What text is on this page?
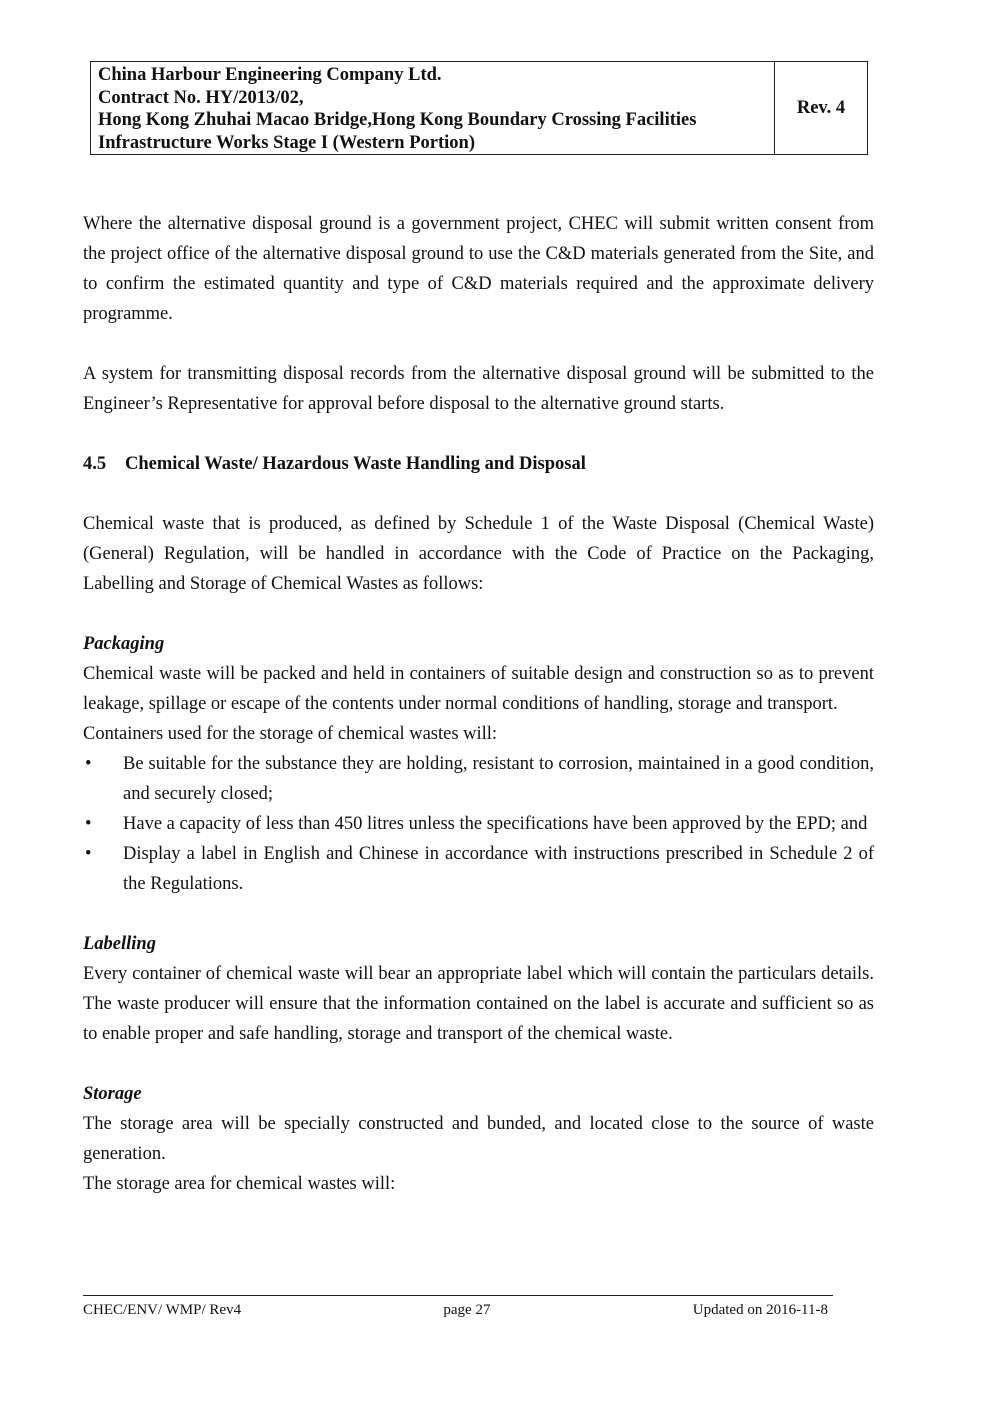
China Harbour Engineering Company Ltd.
Contract No. HY/2013/02,
Hong Kong Zhuhai Macao Bridge,Hong Kong Boundary Crossing Facilities
Infrastructure Works Stage I (Western Portion)
Rev. 4

Where the alternative disposal ground is a government project, CHEC will submit written consent from the project office of the alternative disposal ground to use the C&D materials generated from the Site, and to confirm the estimated quantity and type of C&D materials required and the approximate delivery programme.

A system for transmitting disposal records from the alternative disposal ground will be submitted to the Engineer’s Representative for approval before disposal to the alternative ground starts.

4.5 Chemical Waste/ Hazardous Waste Handling and Disposal

Chemical waste that is produced, as defined by Schedule 1 of the Waste Disposal (Chemical Waste) (General) Regulation, will be handled in accordance with the Code of Practice on the Packaging, Labelling and Storage of Chemical Wastes as follows:

Packaging

Chemical waste will be packed and held in containers of suitable design and construction so as to prevent leakage, spillage or escape of the contents under normal conditions of handling, storage and transport.

Containers used for the storage of chemical wastes will:

•	Be suitable for the substance they are holding, resistant to corrosion, maintained in a good condition, and securely closed;
•	Have a capacity of less than 450 litres unless the specifications have been approved by the EPD; and
•	Display a label in English and Chinese in accordance with instructions prescribed in Schedule 2 of the Regulations.

Labelling

Every container of chemical waste will bear an appropriate label which will contain the particulars details. The waste producer will ensure that the information contained on the label is accurate and sufficient so as to enable proper and safe handling, storage and transport of the chemical waste.

Storage

The storage area will be specially constructed and bunded, and located close to the source of waste generation.

The storage area for chemical wastes will:

CHEC/ENV/ WMP/ Rev4	page 27	Updated on 2016-11-8
